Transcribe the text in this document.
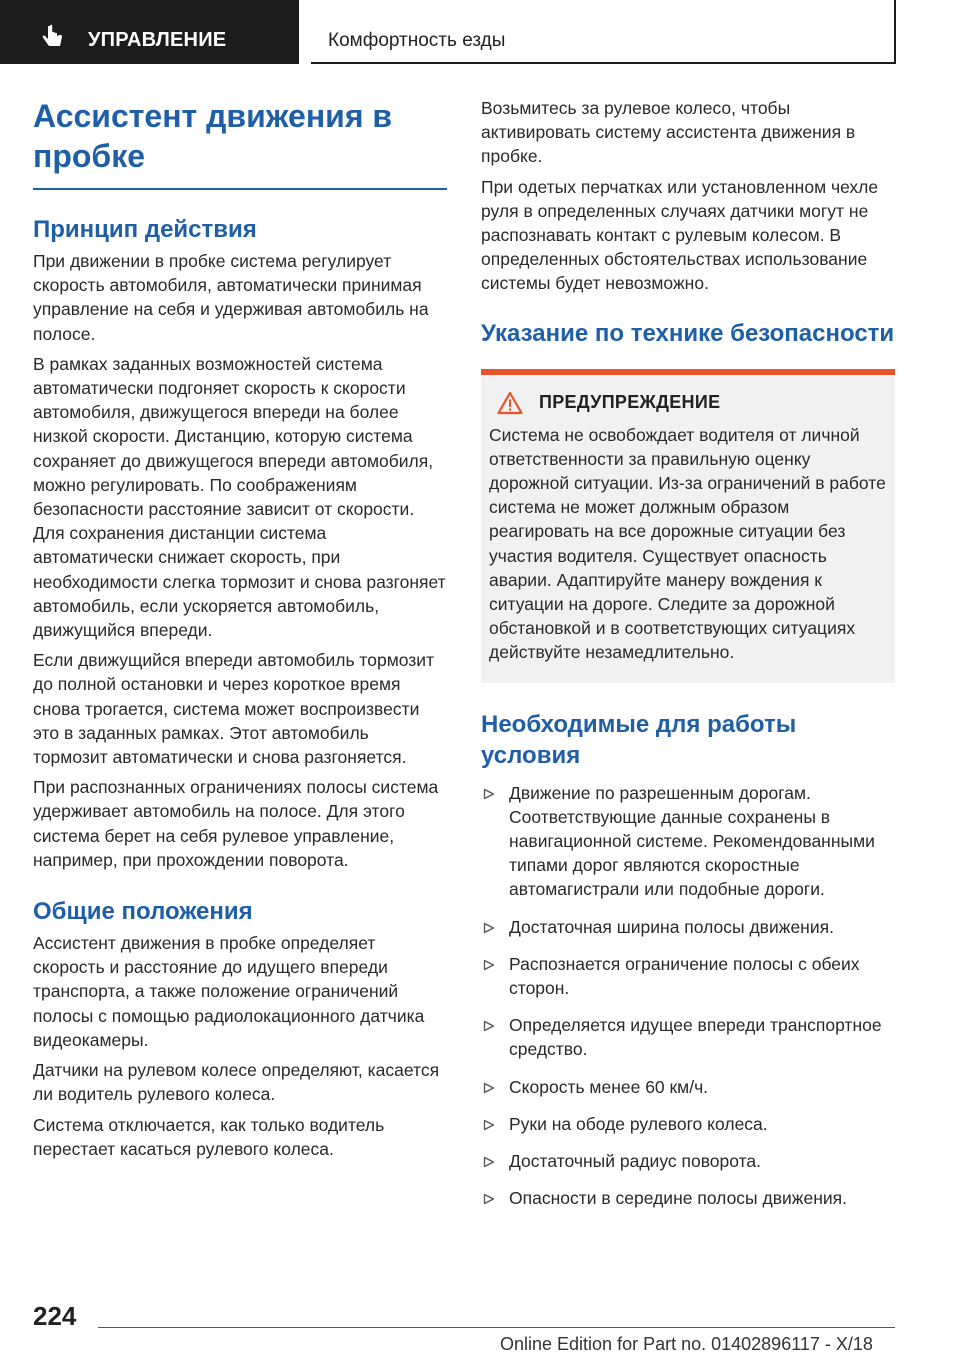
УПРАВЛЕНИЕ	Комфортность езды
Ассистент движения в пробке
Принцип действия

При движении в пробке система регулирует скорость автомобиля, автоматически принимая управление на себя и удерживая автомобиль на полосе.

В рамках заданных возможностей система автоматически подгоняет скорость к скорости автомобиля, движущегося впереди на более низкой скорости. Дистанцию, которую система сохраняет до движущегося впереди автомобиля, можно регулировать. По соображениям безопасности расстояние зависит от скорости. Для сохранения дистанции система автоматически снижает скорость, при необходимости слегка тормозит и снова разгоняет автомобиль, если ускоряется автомобиль, движущийся впереди.

Если движущийся впереди автомобиль тормозит до полной остановки и через короткое время снова трогается, система может воспроизвести это в заданных рамках. Этот автомобиль тормозит автоматически и снова разгоняется.

При распознанных ограничениях полосы система удерживает автомобиль на полосе. Для этого система берет на себя рулевое управление, например, при прохождении поворота.

Общие положения

Ассистент движения в пробке определяет скорость и расстояние до идущего впереди транспорта, а также положение ограничений полосы с помощью радиолокационного датчика видеокамеры.

Датчики на рулевом колесе определяют, касается ли водитель рулевого колеса.

Система отключается, как только водитель перестает касаться рулевого колеса.

Возьмитесь за рулевое колесо, чтобы активировать систему ассистента движения в пробке.

При одетых перчатках или установленном чехле руля в определенных случаях датчики могут не распознавать контакт с рулевым колесом. В определенных обстоятельствах использование системы будет невозможно.

Указание по технике безопасности
ПРЕДУПРЕЖДЕНИЕ

Система не освобождает водителя от личной ответственности за правильную оценку дорожной ситуации. Из-за ограничений в работе система не может должным образом реагировать на все дорожные ситуации без участия водителя. Существует опасность аварии. Адаптируйте манеру вождения к ситуации на дороге. Следите за дорожной обстановкой и в соответствующих ситуациях действуйте незамедлительно.

Необходимые для работы условия
Движение по разрешенным дорогам. Соответствующие данные сохранены в навигационной системе. Рекомендованными типами дорог являются скоростные автомагистрали или подобные дороги.
Достаточная ширина полосы движения.
Распознается ограничение полосы с обеих сторон.
Определяется идущее впереди транспортное средство.
Скорость менее 60 км/ч.
Руки на ободе рулевого колеса.
Достаточный радиус поворота.
Опасности в середине полосы движения.
224
Online Edition for Part no. 01402896117 - X/18
